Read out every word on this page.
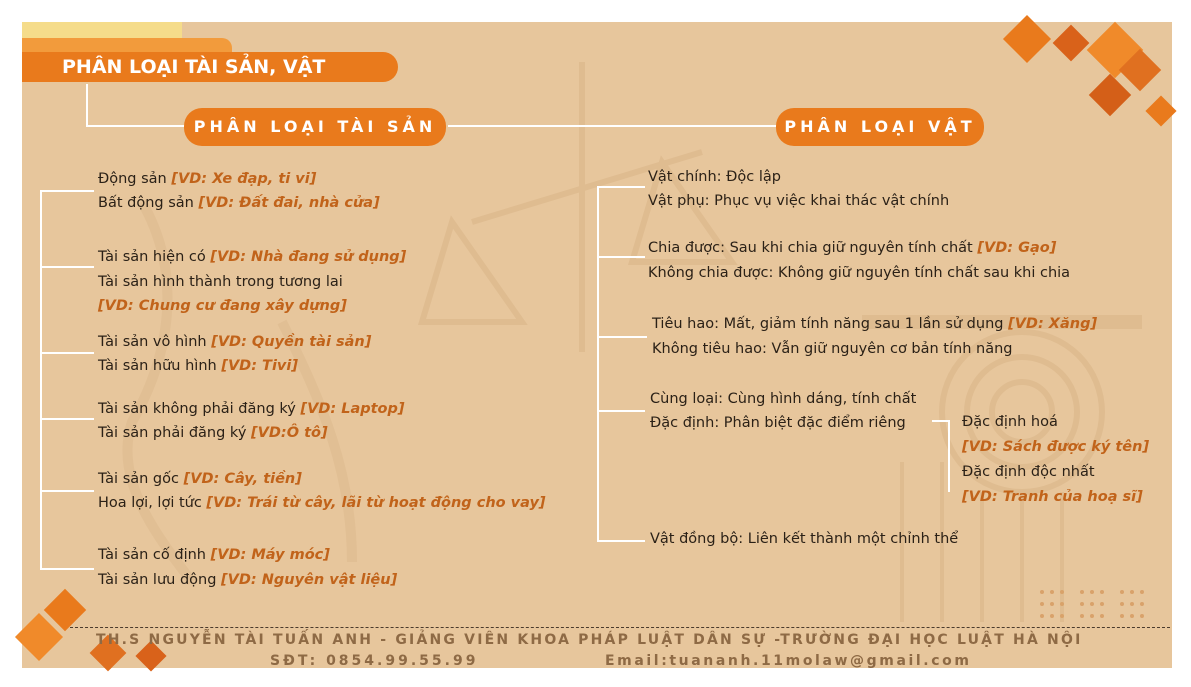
PHÂN LOẠI TÀI SẢN, VẬT
PHÂN LOẠI TÀI SẢN	PHÂN LOẠI VẬT
Động sản [VD: Xe đạp, ti vi]
Bất động sản [VD: Đất đai, nhà cửa]
Tài sản hiện có [VD: Nhà đang sử dụng]
Tài sản hình thành trong tương lai
[VD: Chung cư đang xây dựng]
Tài sản vô hình [VD: Quyền tài sản]
Tài sản hữu hình [VD: Tivi]
Tài sản không phải đăng ký [VD: Laptop]
Tài sản phải đăng ký [VD:Ô tô]
Tài sản gốc [VD: Cây, tiền]
Hoa lợi, lợi tức [VD: Trái từ cây, lãi từ hoạt động cho vay]
Tài sản cố định [VD: Máy móc]
Tài sản lưu động [VD: Nguyên vật liệu]
Vật chính: Độc lập
Vật phụ: Phục vụ việc khai thác vật chính
Chia được: Sau khi chia giữ nguyên tính chất [VD: Gạo]
Không chia được: Không giữ nguyên tính chất sau khi chia
Tiêu hao: Mất, giảm tính năng sau 1 lần sử dụng [VD: Xăng]
Không tiêu hao: Vẫn giữ nguyên cơ bản tính năng
Cùng loại: Cùng hình dáng, tính chất
Đặc định: Phân biệt đặc điểm riêng
Vật đồng bộ: Liên kết thành một chỉnh thể
Đặc định hoá
[VD: Sách được ký tên]
Đặc định độc nhất
[VD: Tranh của hoạ sĩ]
TH.S NGUYỄN TÀI TUẤN ANH - GIẢNG VIÊN KHOA PHÁP LUẬT DÂN SỰ -TRƯỜNG ĐẠI HỌC LUẬT HÀ NỘI
SĐT: 0854.99.55.99	Email:tuananh.11molaw@gmail.com
